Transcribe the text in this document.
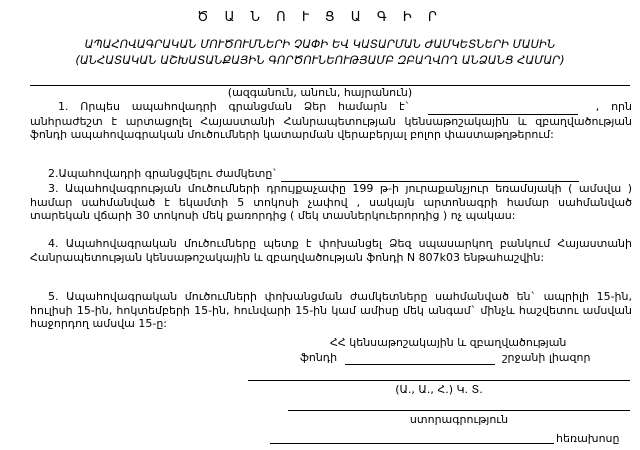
Ծ Ա Ն Ո Ւ Ց Ա Գ Ի Ր
ԱՊԱՀՈՎԱԳՐԱԿԱՆ ՄՈՒԾՈՒՄՆԵՐԻ ՉԱՓԻ ԵՎ ԿԱՏԱՐՄԱՆ ԺԱՄԿԵՏՆԵՐԻ ՄԱՍԻՆ
(ԱՆՀԱՏԱԿԱՆ ԱՇԽԱՏԱՆՔԱՅԻՆ ԳՈՐԾՈՒՆԵՈՒԹՅԱՄԲ ԶԲԱՂՎՈՂ ԱՆՁԱՆՑ ՀԱՄԱՐ)
(ազգանուն, անուն, հայրանուն)
1. Որպես ապահովադրի գրանցման Ձեր համարն է`	, որն անհրաժեշտ է արտացոլել Հայաստանի Հանրապետության կենսաթոշակային և զբաղվածության ֆոնդի ապահովագրական մուծումների կատարման վերաբերյալ բոլոր փաստաթղթերում:
2.Ապահովադրի գրանցվելու ժամկետը`
3. Ապահովագրության մուծումների դրույքաչափը 199 թ-ի յուրաքանչյուր եռամսյակի ( ամսվա ) համար սահմանված է եկամտի 5 տոկոսի չափով , սակայն արտոնագրի համար սահմանված տարեկան վճարի 30 տոկոսի մեկ քառորդից ( մեկ տասներկուերորդից ) ոչ պակաս:
4. Ապահովագրական մուծումները պետք է փոխանցել Ձեզ սպասարկող բանկում Հայաստանի Հանրապետության կենսաթոշակային և զբաղվածության ֆոնդի N 807k03 ենթահաշվին:
5. Ապահովագրական մուծումների փոխանցման ժամկետները սահմանված են` ապրիլի 15-ին, հուլիսի 15-ին, հոկտեմբերի 15-ին, հունվարի 15-ին կամ ամիսը մեկ անգամ` մինչև հաշվետու ամսվան հաջորդող ամսվա 15-ը:
ՀՀ կենսաթոշակային և զբաղվածության
ֆոնդի	շրջանի լիազոր
(Ա., Ա., Հ.) Կ. Տ.
ստորագրություն
հեռախոսը
